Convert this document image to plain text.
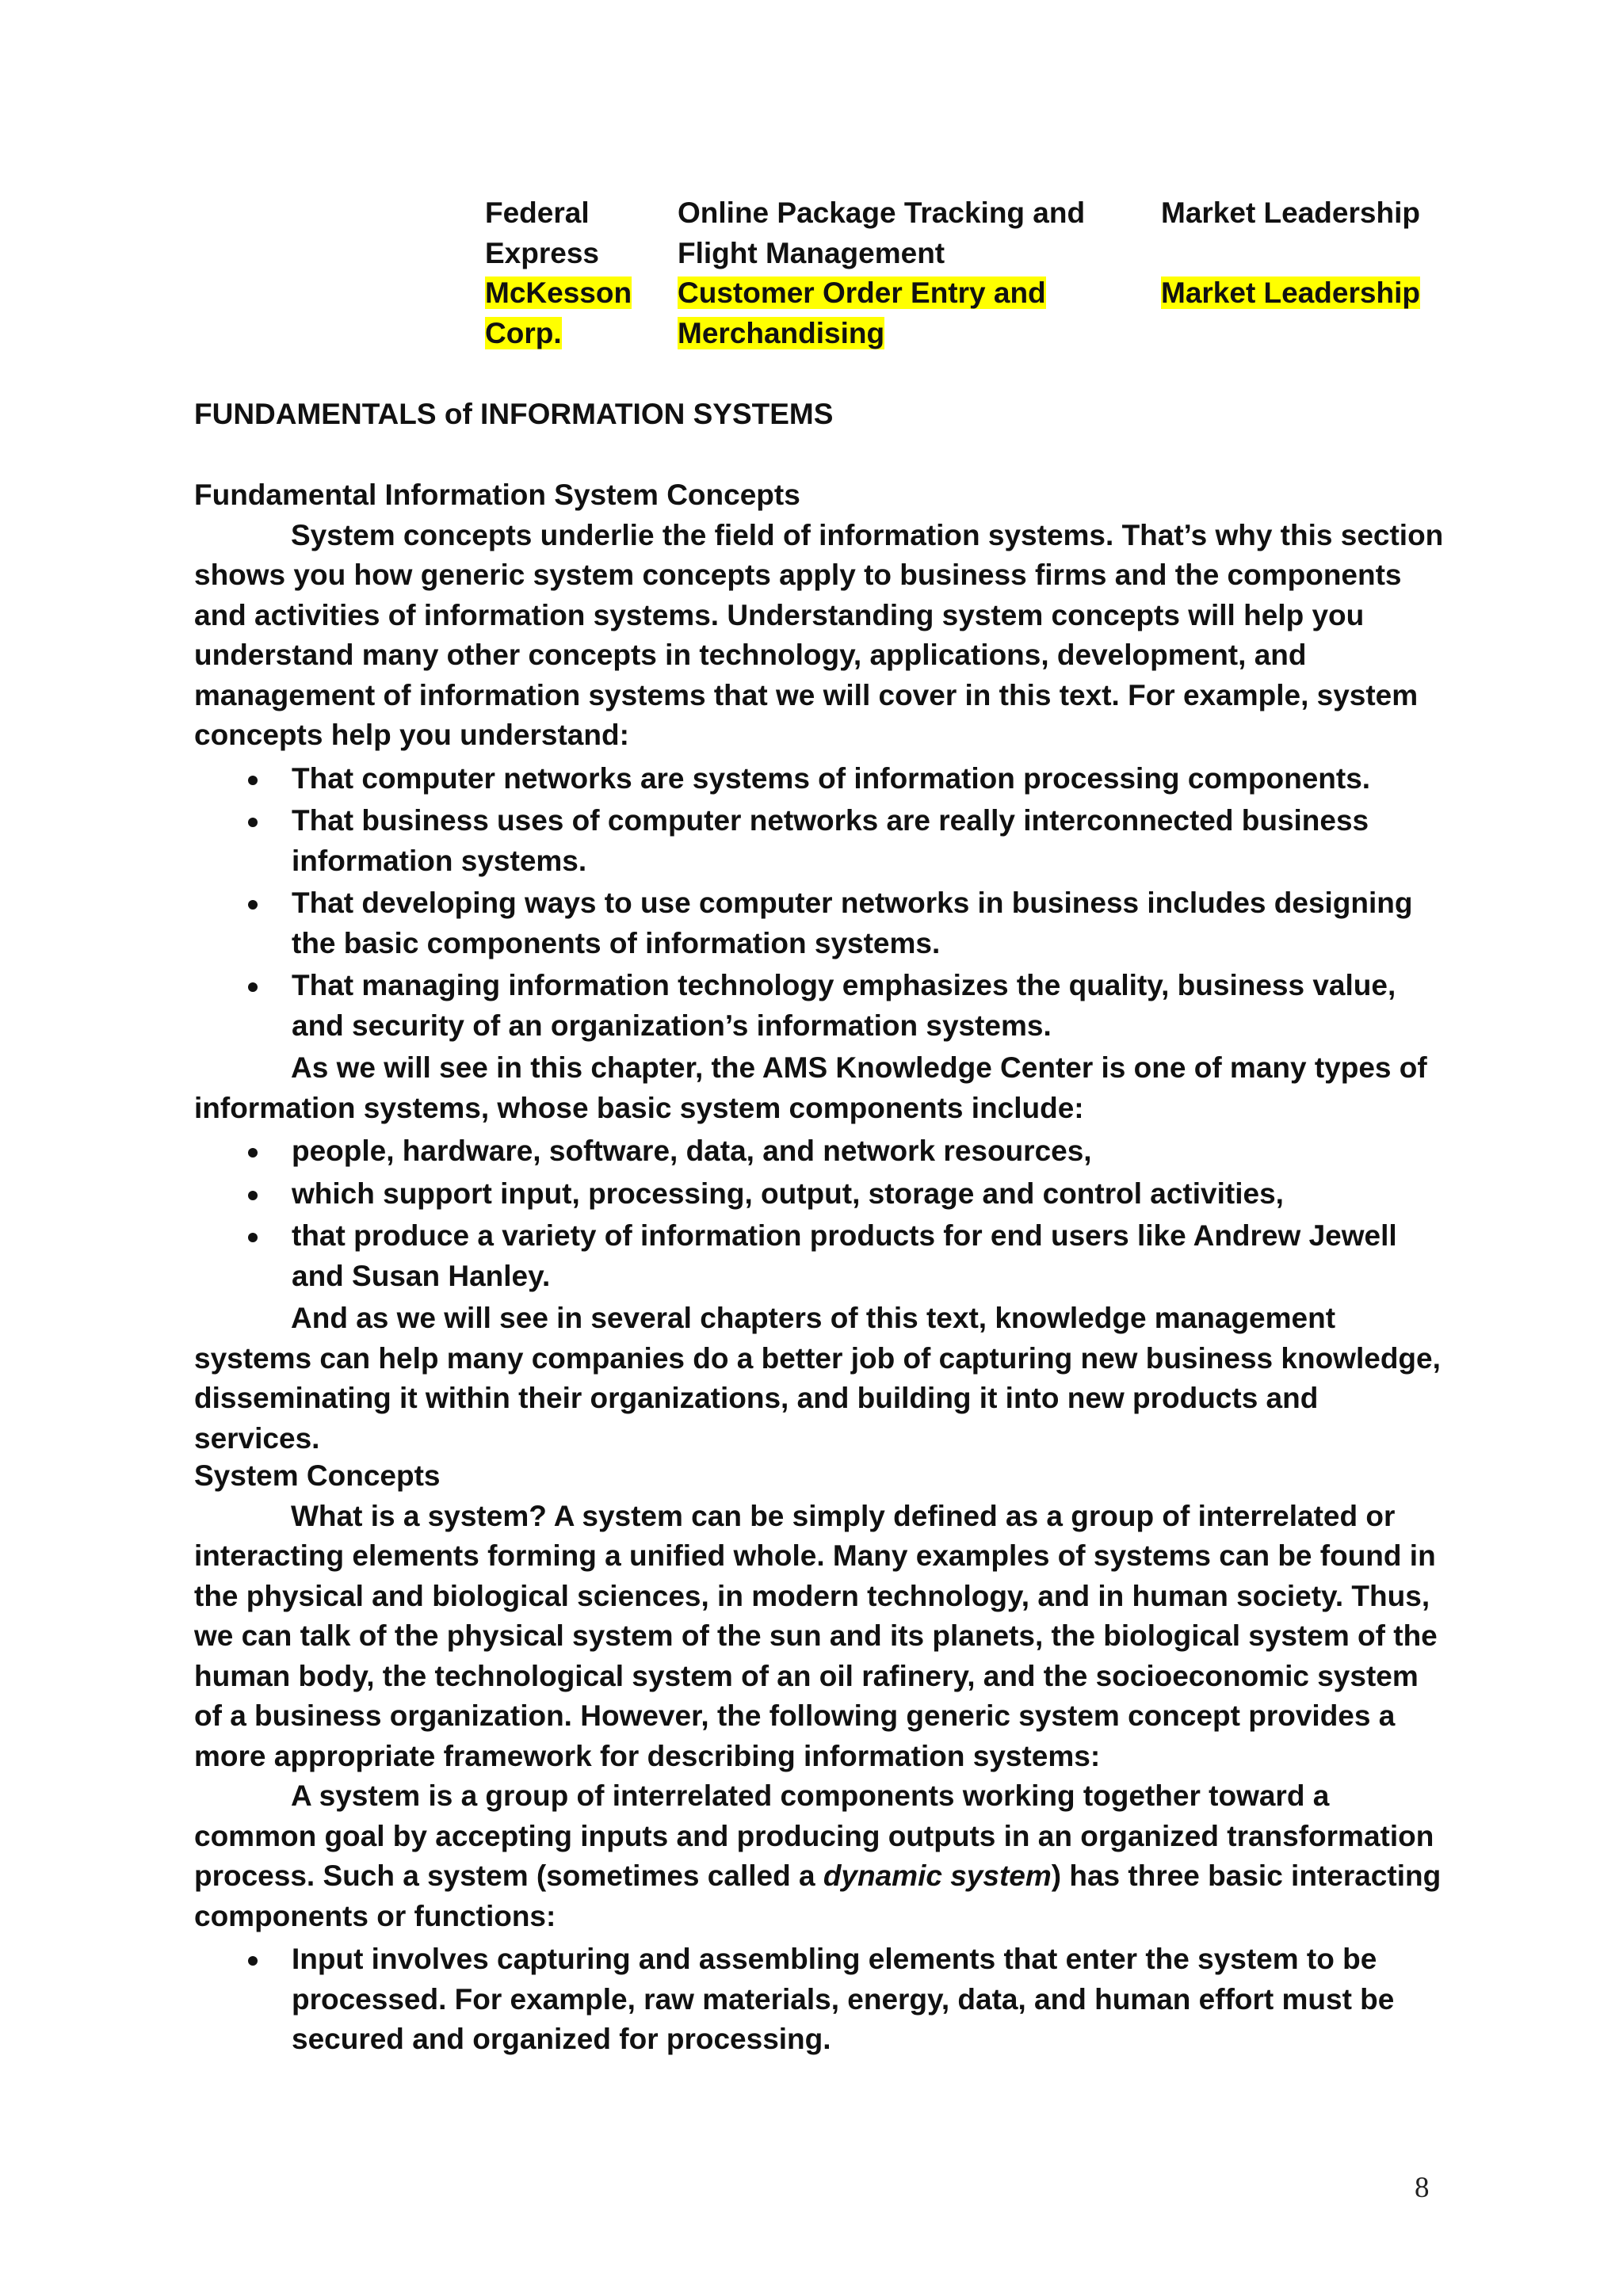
Federal Express	Online Package Tracking and Flight Management	Market Leadership
McKesson Corp.	Customer Order Entry and Merchandising	Market Leadership
FUNDAMENTALS of INFORMATION SYSTEMS

Fundamental Information System Concepts

System concepts underlie the field of information systems. That’s why this section shows you how generic system concepts apply to business firms and the components and activities of information systems. Understanding system concepts will help you understand many other concepts in technology, applications, development, and management of information systems that we will cover in this text. For example, system concepts help you understand:

That computer networks are systems of information processing components.
That business uses of computer networks are really interconnected business information systems.
That developing ways to use computer networks in business includes designing the basic components of information systems.
That managing information technology emphasizes the quality, business value, and security of an organization’s information systems.

As we will see in this chapter, the AMS Knowledge Center is one of many types of information systems, whose basic system components include:

people, hardware, software, data, and network resources,
which support input, processing, output, storage and control activities,
that produce a variety of information products for end users like Andrew Jewell and Susan Hanley.

And as we will see in several chapters of this text, knowledge management systems can help many companies do a better job of capturing new business knowledge, disseminating it within their organizations, and building it into new products and services.

System Concepts

What is a system? A system can be simply defined as a group of interrelated or interacting elements forming a unified whole. Many examples of systems can be found in the physical and biological sciences, in modern technology, and in human society. Thus, we can talk of the physical system of the sun and its planets, the biological system of the human body, the technological system of an oil rafinery, and the socioeconomic system of a business organization. However, the following generic system concept provides a more appropriate framework for describing information systems:

A system is a group of interrelated components working together toward a common goal by accepting inputs and producing outputs in an organized transformation process. Such a system (sometimes called a dynamic system) has three basic interacting components or functions:

Input involves capturing and assembling elements that enter the system to be processed. For example, raw materials, energy, data, and human effort must be secured and organized for processing.
8
